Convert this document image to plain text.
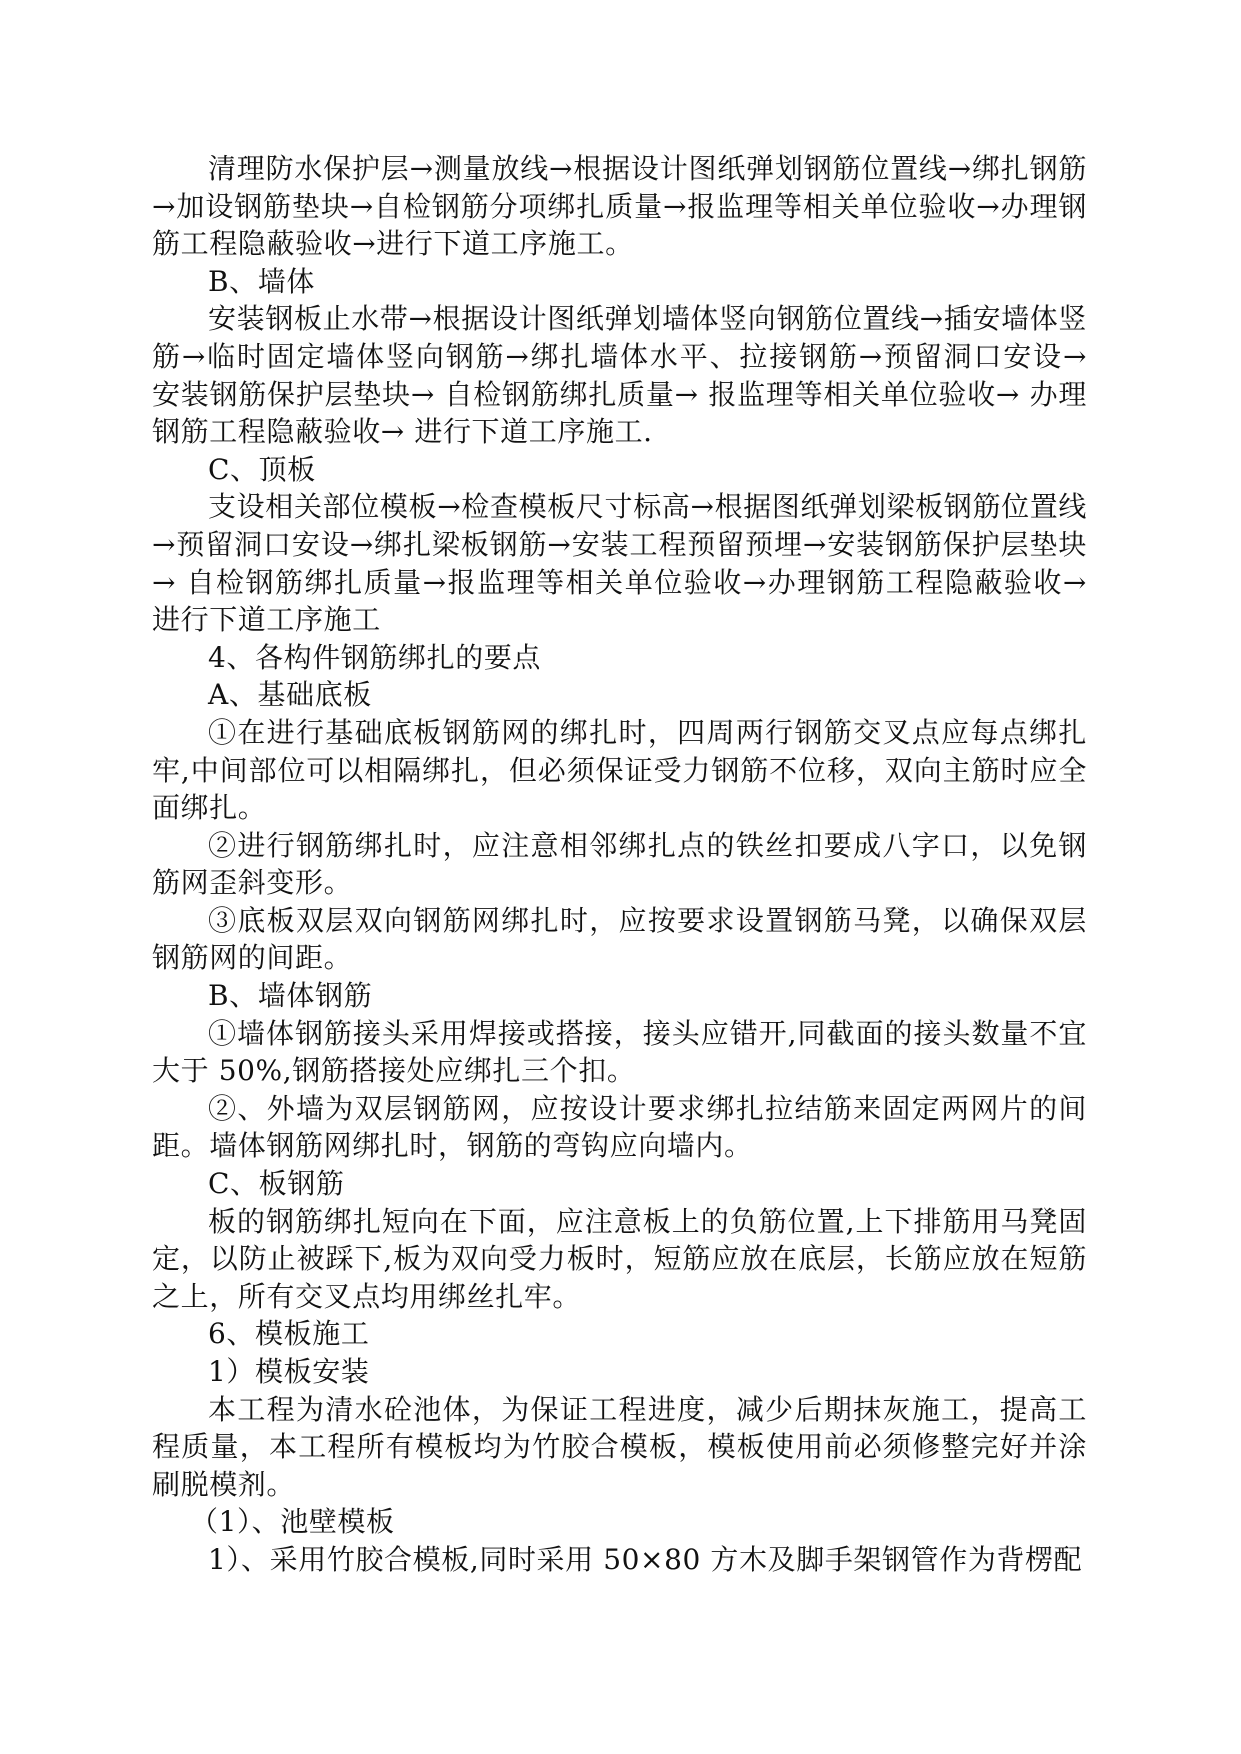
清理防水保护层→测量放线→根据设计图纸弹划钢筋位置线→绑扎钢筋→加设钢筋垫块→自检钢筋分项绑扎质量→报监理等相关单位验收→办理钢筋工程隐蔽验收→进行下道工序施工。

B、墙体

安装钢板止水带→根据设计图纸弹划墙体竖向钢筋位置线→插安墙体竖筋→临时固定墙体竖向钢筋→绑扎墙体水平、拉接钢筋→预留洞口安设→ 安装钢筋保护层垫块→ 自检钢筋绑扎质量→ 报监理等相关单位验收→ 办理钢筋工程隐蔽验收→ 进行下道工序施工.

C、顶板

支设相关部位模板→检查模板尺寸标高→根据图纸弹划梁板钢筋位置线→预留洞口安设→绑扎梁板钢筋→安装工程预留预埋→安装钢筋保护层垫块→ 自检钢筋绑扎质量→报监理等相关单位验收→办理钢筋工程隐蔽验收→进行下道工序施工

4、各构件钢筋绑扎的要点

A、基础底板

①在进行基础底板钢筋网的绑扎时，四周两行钢筋交叉点应每点绑扎牢,中间部位可以相隔绑扎，但必须保证受力钢筋不位移，双向主筋时应全面绑扎。

②进行钢筋绑扎时，应注意相邻绑扎点的铁丝扣要成八字口，以免钢筋网歪斜变形。

③底板双层双向钢筋网绑扎时，应按要求设置钢筋马凳，以确保双层钢筋网的间距。

B、墙体钢筋

①墙体钢筋接头采用焊接或搭接，接头应错开,同截面的接头数量不宜大于 50%,钢筋搭接处应绑扎三个扣。

②、外墙为双层钢筋网，应按设计要求绑扎拉结筋来固定两网片的间距。墙体钢筋网绑扎时，钢筋的弯钩应向墙内。

C、板钢筋

板的钢筋绑扎短向在下面，应注意板上的负筋位置,上下排筋用马凳固定，以防止被踩下,板为双向受力板时，短筋应放在底层，长筋应放在短筋之上，所有交叉点均用绑丝扎牢。

6、模板施工

1）模板安装

本工程为清水砼池体，为保证工程进度，减少后期抹灰施工，提高工程质量，本工程所有模板均为竹胶合模板，模板使用前必须修整完好并涂刷脱模剂。

（1）、池壁模板

1）、采用竹胶合模板,同时采用 50×80 方木及脚手架钢管作为背楞配
